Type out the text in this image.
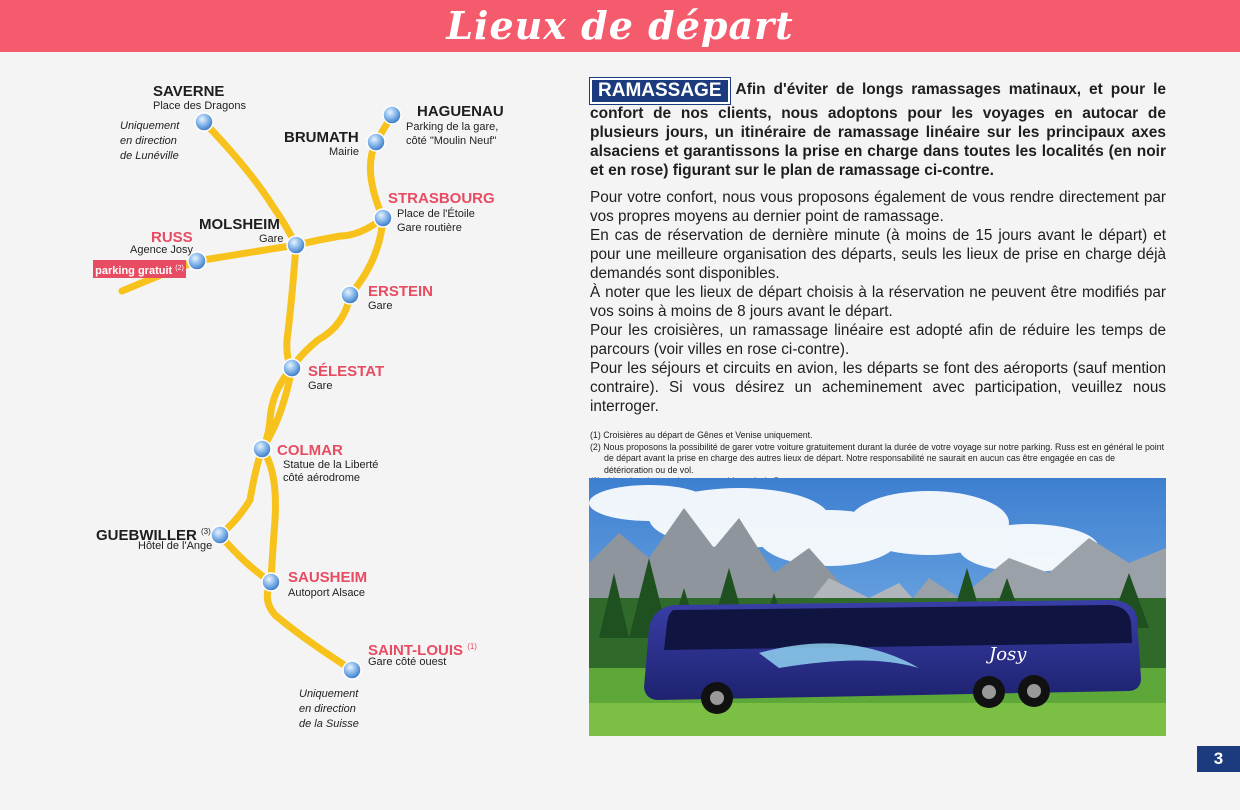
Lieux de départ
SAVERNE
Place des Dragons
Uniquement
en direction
de Lunéville
HAGUENAU
Parking de la gare,
côté "Moulin Neuf"
BRUMATH
Mairie
STRASBOURG
Place de l'Étoile
Gare routière
MOLSHEIM
Gare
RUSS
Agence Josy
parking gratuit $^{(2)}$
ERSTEIN
Gare
SÉLESTAT
Gare
COLMAR
Statue de la Liberté
côté aérodrome
GUEBWILLER $^{(3)}$
Hôtel de l'Ange
SAUSHEIM
Autoport Alsace
SAINT-LOUIS $^{(1)}$
Gare côté ouest
Uniquement
en direction
de la Suisse

RAMASSAGE Afin d'éviter de longs ramassages matinaux, et pour le confort de nos clients, nous adoptons pour les voyages en autocar de plusieurs jours, un itinéraire de ramassage linéaire sur les principaux axes alsaciens et garantissons la prise en charge dans toutes les localités (en noir et en rose) figurant sur le plan de ramassage ci-contre.

Pour votre confort, nous vous proposons également de vous rendre directement par vos propres moyens au dernier point de ramassage.

En cas de réservation de dernière minute (à moins de 15 jours avant le départ) et pour une meilleure organisation des départs, seuls les lieux de prise en charge déjà demandés sont disponibles.

À noter que les lieux de départ choisis à la réservation ne peuvent être modifiés par vos soins à moins de 8 jours avant le départ.

Pour les croisières, un ramassage linéaire est adopté afin de réduire les temps de parcours (voir villes en rose ci-contre).

Pour les séjours et circuits en avion, les départs se font des aéroports (sauf mention contraire). Si vous désirez un acheminement avec participation, veuillez nous interroger.

(1) Croisières au départ de Gênes et Venise uniquement.
(2) Nous proposons la possibilité de garer votre voiture gratuitement durant la durée de votre voyage sur notre parking. Russ est en général le point de départ avant la prise en charge des autres lieux de départ. Notre responsabilité ne saurait en aucun cas être engagée en cas de détérioration ou de vol.
Josy
3
